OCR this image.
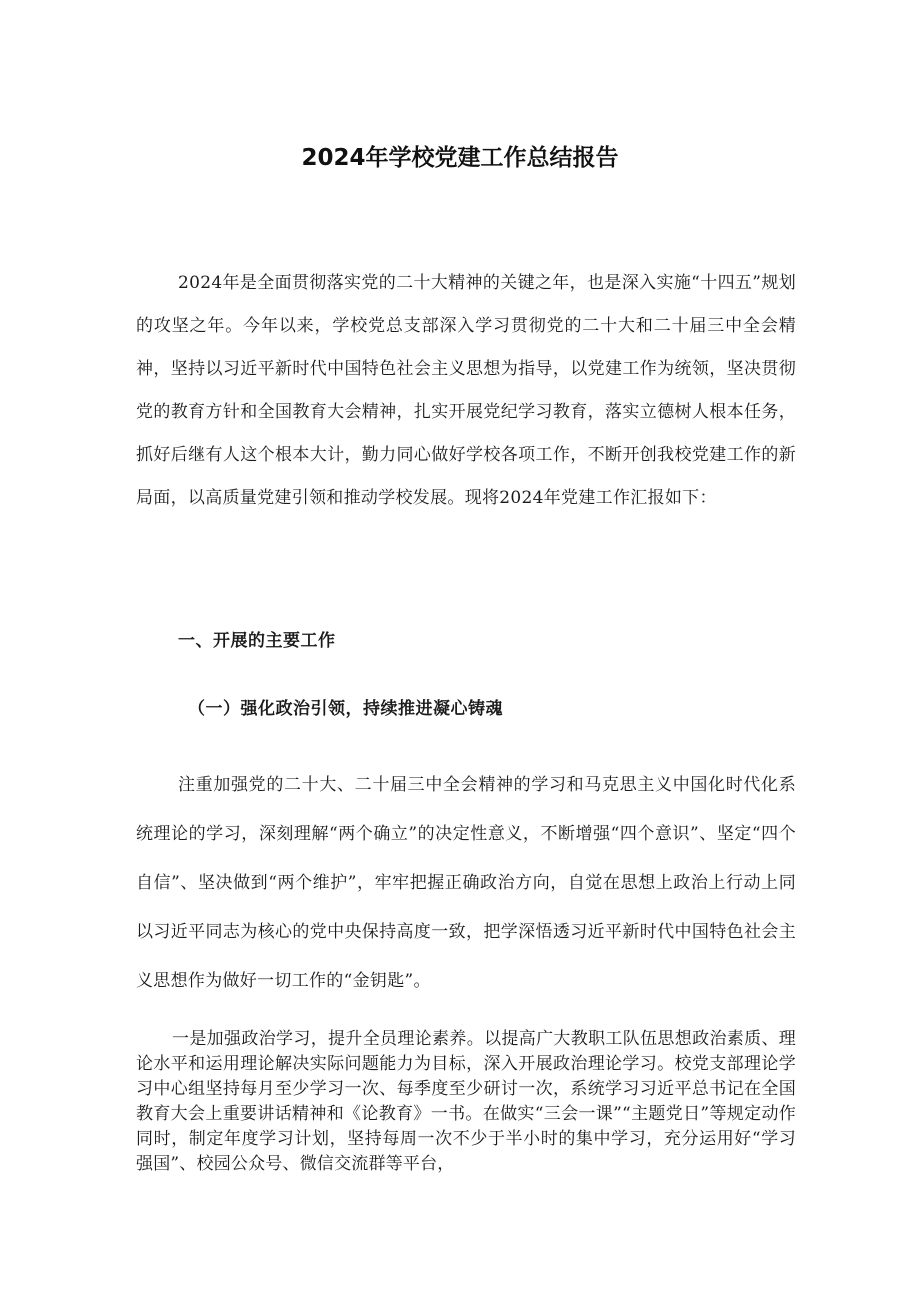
2024年学校党建工作总结报告

2024年是全面贯彻落实党的二十大精神的关键之年，也是深入实施“十四五”规划的攻坚之年。今年以来，学校党总支部深入学习贯彻党的二十大和二十届三中全会精神，坚持以习近平新时代中国特色社会主义思想为指导，以党建工作为统领，坚决贯彻党的教育方针和全国教育大会精神，扎实开展党纪学习教育，落实立德树人根本任务，抓好后继有人这个根本大计，勤力同心做好学校各项工作，不断开创我校党建工作的新局面，以高质量党建引领和推动学校发展。现将2024年党建工作汇报如下：

一、开展的主要工作
（一）强化政治引领，持续推进凝心铸魂

注重加强党的二十大、二十届三中全会精神的学习和马克思主义中国化时代化系统理论的学习，深刻理解“两个确立”的决定性意义，不断增强“四个意识”、坚定“四个自信”、坚决做到“两个维护”，牢牢把握正确政治方向，自觉在思想上政治上行动上同以习近平同志为核心的党中央保持高度一致，把学深悟透习近平新时代中国特色社会主义思想作为做好一切工作的“金钥匙”。

一是加强政治学习，提升全员理论素养。以提高广大教职工队伍思想政治素质、理论水平和运用理论解决实际问题能力为目标，深入开展政治理论学习。校党支部理论学习中心组坚持每月至少学习一次、每季度至少研讨一次，系统学习习近平总书记在全国教育大会上重要讲话精神和《论教育》一书。在做实“三会一课”“主题党日”等规定动作同时，制定年度学习计划，坚持每周一次不少于半小时的集中学习，充分运用好“学习强国”、校园公众号、微信交流群等平台，
